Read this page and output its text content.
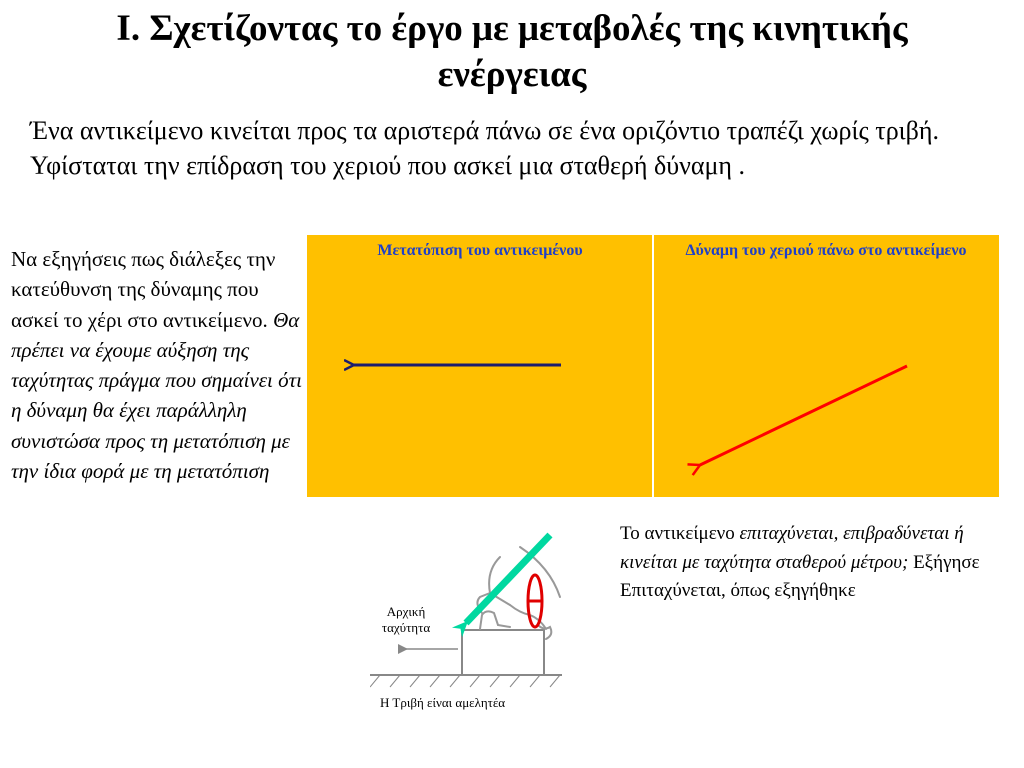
Ι. Σχετίζοντας το έργο με μεταβολές της κινητικής ενέργειας
Ένα αντικείμενο κινείται προς τα αριστερά πάνω σε ένα οριζόντιο τραπέζι χωρίς τριβή. Υφίσταται την επίδραση του χεριού που ασκεί μια σταθερή δύναμη .
Να εξηγήσεις πως διάλεξες την κατεύθυνση της δύναμης που ασκεί το χέρι στο αντικείμενο. Θα πρέπει να έχουμε αύξηση της ταχύτητας πράγμα που σημαίνει ότι η δύναμη θα έχει παράλληλη συνιστώσα προς τη μετατόπιση με την ίδια φορά με τη μετατόπιση
Μετατόπιση του αντικειμένου	Δύναμη του χεριού πάνω στο αντικείμενο
Αρχική
ταχύτητα
Η Τριβή είναι αμελητέα
Το αντικείμενο επιταχύνεται, επιβραδύνεται ή κινείται με ταχύτητα σταθερού μέτρου; Εξήγησε
Επιταχύνεται, όπως εξηγήθηκε
